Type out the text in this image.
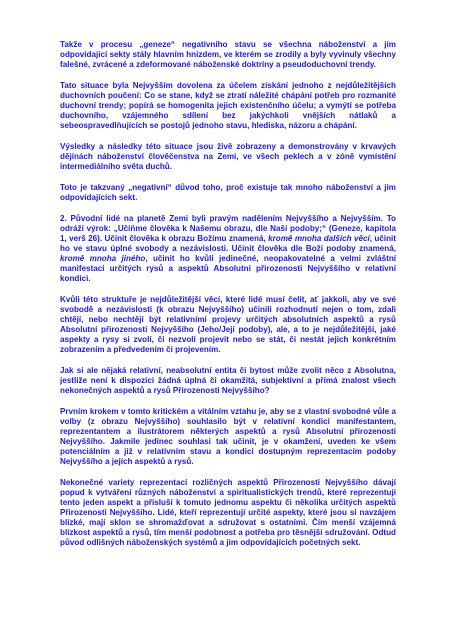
Takže v procesu „geneze“ negativního stavu se všechna náboženství a jim odpovídající sekty stály hlavním hnízdem, ve kterém se zrodily a byly vyvinuly všechny falešné, zvrácené a zdeformované náboženské doktríny a pseudoduchovní trendy.

Tato situace byla Nejvyšším dovolena za účelem získání jednoho z nejdůležitějších duchovních poučení: Co se stane, když se ztratí náležité chápání potřeb pro rozmanité duchovní trendy; popírá se homogenita jejich existenčního účelu; a vymýtí se potřeba duchovního, vzájemného sdílení bez jakýchkoli vnějších nátlaků a sebeospravedlňujících se postojů jednoho stavu, hlediska, názoru a chápání.

Výsledky a následky této situace jsou živě zobrazeny a demonstrovány v krvavých dějinách náboženství člověčenstva na Zemi, ve všech peklech a v zóně vymístění intermediálního světa duchů.

Toto je takzvaný „negativní“ důvod toho, proč existuje tak mnoho náboženství a jim odpovídajících sekt.

2. Původní lidé na planetě Zemi byli pravým nadělením Nejvyššího a Nejvyšším. To odráží výrok: „Učiňme člověka k Našemu obrazu, dle Naší podoby;“ (Geneze, kapitola 1, verš 26). Učinit člověka k obrazu Božímu znamená, kromě mnoha dalších věcí, učinit ho ve stavu úplné svobody a nezávislosti. Učinit člověka dle Boží podoby znamená, kromě mnoha jiného, učinit ho kvůli jedinečné, neopakovatelné a velmi zvláštní manifestaci určitých rysů a aspektů Absolutní přirozenosti Nejvyššího v relativní kondici.

Kvůli této struktuře je nejdůležitější věcí, které lidé musí čelit, ať jakkoli, aby ve své svobodě a nezávislosti (k obrazu Nejvyššího) učinili rozhodnutí nejen o tom, zdali chtějí, nebo nechtějí být relativními projevy určitých absolutních aspektů a rysů Absolutní přirozenosti Nejvyššího (Jeho/Její podoby), ale, a to je nejdůležitější, jaké aspekty a rysy si zvolí, či nezvolí projevit nebo se stát, či nestát jejich konkrétním zobrazením a předvedením či projevením.

Jak si ale nějaká relativní, neabsolutní entita či bytost může zvolit něco z Absolutna, jestliže není k dispozici žádná úplná či okamžitá, subjektivní a přímá znalost všech nekonečných aspektů a rysů Přirozenosti Nejvyššího?

Prvním krokem v tomto kritickém a vitálním vztahu je, aby se z vlastní svobodné vůle a volby (z obrazu Nejvyššího) souhlasilo být v relativní kondici manifestantem, reprezentantem a ilustrátorem některých aspektů a rysů Absolutní přirozenosti Nejvyššího. Jakmile jedinec souhlasí tak učinit, je v okamžení, uveden ke všem potenciálním a již v relativním stavu a kondici dostupným reprezentacím podoby Nejvyššího a jejích aspektů a rysů.

Nekonečné variety reprezentací rozličných aspektů Přirozenosti Nejvyššího dávají popud k vytváření různých náboženství a spiritualistických trendů, které reprezentují tento jeden aspekt a přísluší k tomuto jednomu aspektu či několika určitých aspektů Přirozenosti Nejvyššího. Lidé, kteří reprezentují určité aspekty, které jsou si navzájem blízké, mají sklon se shromažďovat a sdružovat s ostatními. Čím menší vzájemná blízkost aspektů a rysů, tím menší podobnost a potřeba pro těsnější sdružování. Odtud původ odlišných náboženských systémů a jim odpovídajících početných sekt.
